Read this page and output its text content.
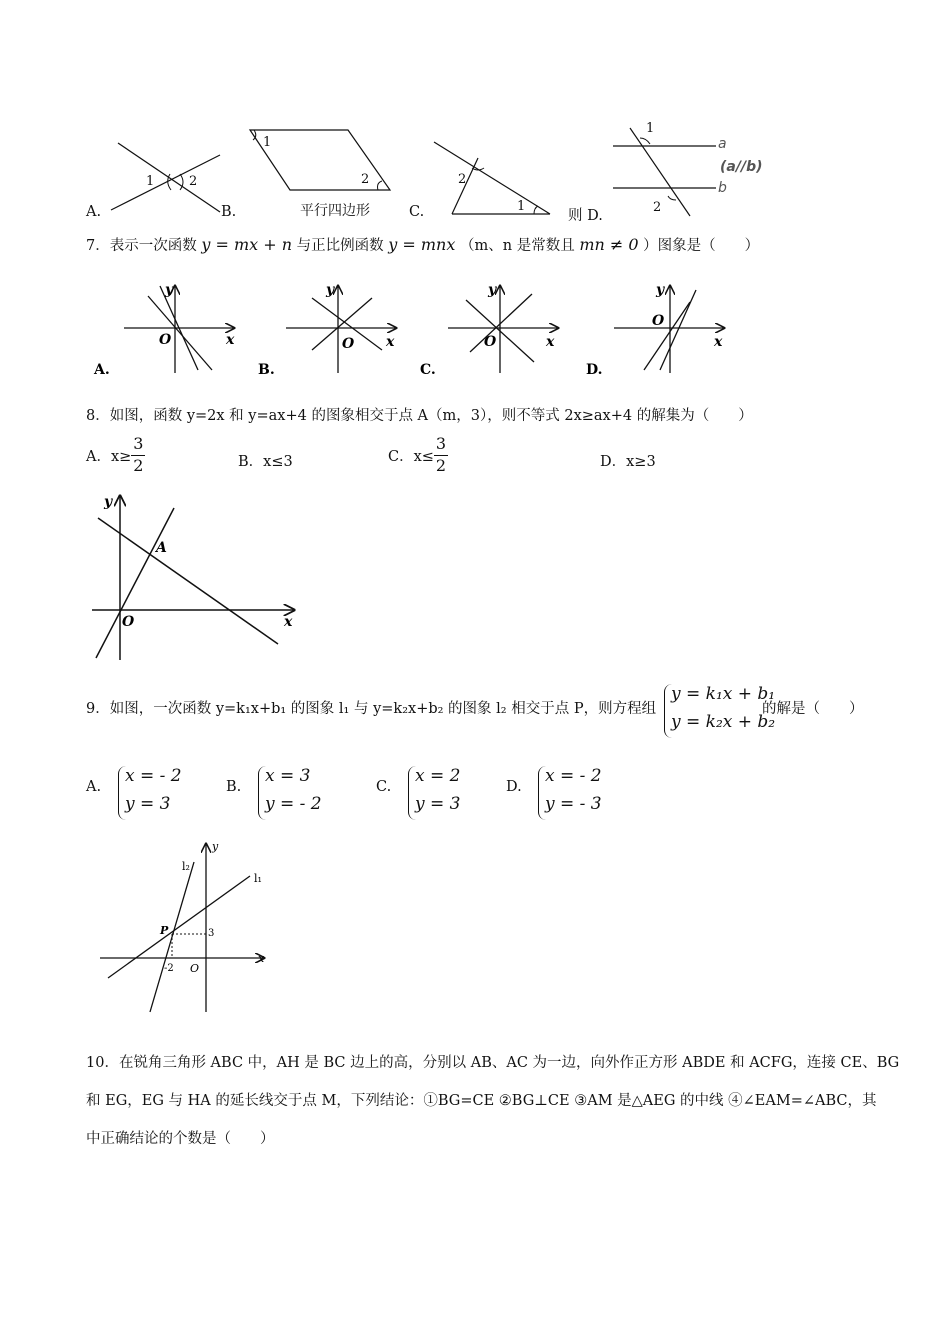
1	2
A.
1
2
B.	平行四边形
2
1
C.
1
2
a
b
(a//b)
则 D.
7．表示一次函数 y = mx + n 与正比例函数 y = mnx （m、n 是常数且 mn ≠ 0 ）图象是（　　）
O	x
y
A.
O x
y
B.
O	x
y
C.
O
x
y
D.
8．如图，函数 y=2x 和 y=ax+4 的图象相交于点 A（m，3），则不等式 2x≥ax+4 的解集为（　　）
A．$x\ge \frac{3}{2}$	B．x≤3	C．$x\le \frac{3}{2}$	D．x≥3
A
O	x
y
9．如图，一次函数 y=k₁x+b₁ 的图象 l₁ 与 y=k₂x+b₂ 的图象 l₂ 相交于点 P，则方程组
y = k₁x + b₁
y = k₂x + b₂
的解是（　　）
A.
x = - 2
y = 3
B.
x = 3
y = - 2
C.
x = 2
y = 3
D.
x = - 2
y = - 3
P	3
-2 O
x
y
l₂
l₁
10．在锐角三角形 ABC 中，AH 是 BC 边上的高，分别以 AB、AC 为一边，向外作正方形 ABDE 和 ACFG，连接 CE、BG
和 EG，EG 与 HA 的延长线交于点 M，下列结论：①BG=CE ②BG⊥CE ③AM 是△AEG 的中线 ④∠EAM=∠ABC，其
中正确结论的个数是（　　）
